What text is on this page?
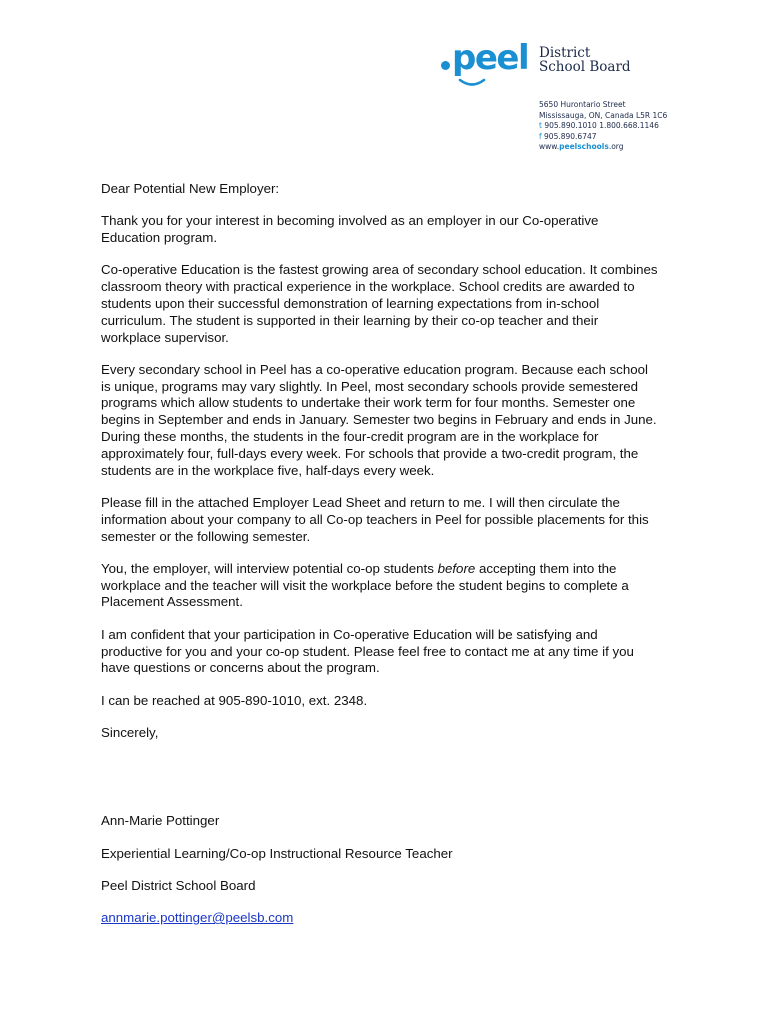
peel District
School Board
5650 Hurontario Street
Mississauga, ON, Canada L5R 1C6
t 905.890.1010 1.800.668.1146
f 905.890.6747
www.peelschools.org

Dear Potential New Employer:

Thank you for your interest in becoming involved as an employer in our Co-operative Education program.

Co-operative Education is the fastest growing area of secondary school education. It combines classroom theory with practical experience in the workplace. School credits are awarded to students upon their successful demonstration of learning expectations from in-school curriculum. The student is supported in their learning by their co-op teacher and their workplace supervisor.

Every secondary school in Peel has a co-operative education program. Because each school is unique, programs may vary slightly. In Peel, most secondary schools provide semestered programs which allow students to undertake their work term for four months. Semester one begins in September and ends in January. Semester two begins in February and ends in June. During these months, the students in the four-credit program are in the workplace for approximately four, full-days every week. For schools that provide a two-credit program, the students are in the workplace five, half-days every week.

Please fill in the attached Employer Lead Sheet and return to me. I will then circulate the information about your company to all Co-op teachers in Peel for possible placements for this semester or the following semester.

You, the employer, will interview potential co-op students before accepting them into the workplace and the teacher will visit the workplace before the student begins to complete a Placement Assessment.

I am confident that your participation in Co-operative Education will be satisfying and productive for you and your co-op student. Please feel free to contact me at any time if you have questions or concerns about the program.

I can be reached at 905-890-1010, ext. 2348.

Sincerely,

Ann-Marie Pottinger

Experiential Learning/Co-op Instructional Resource Teacher

Peel District School Board

annmarie.pottinger@peelsb.com
